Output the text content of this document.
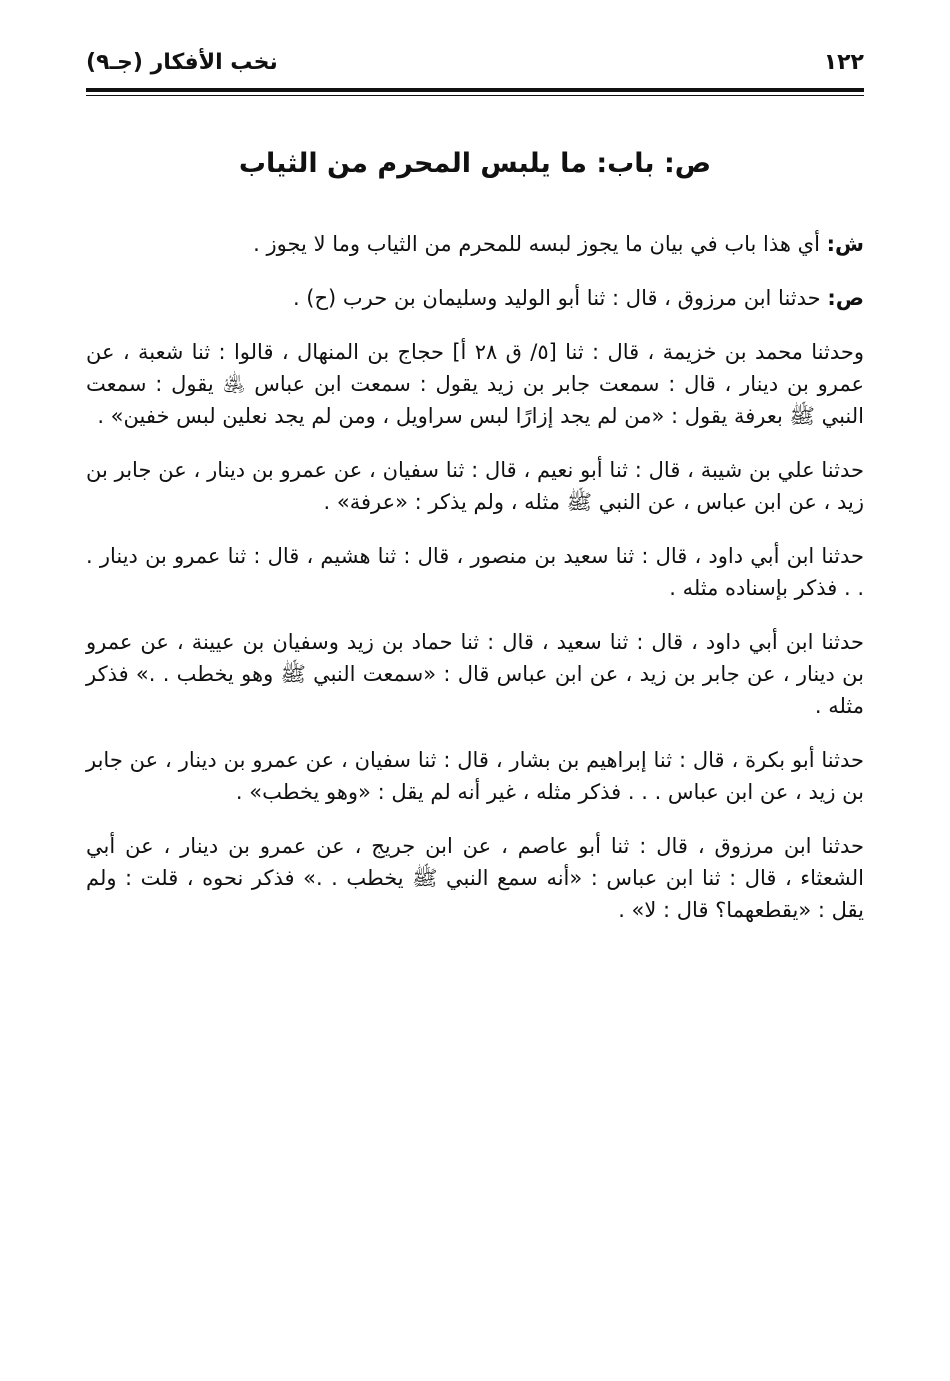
١٢٢
نخب الأفكار (جـ٩)
ص: باب: ما يلبس المحرم من الثياب

ش: أي هذا باب في بيان ما يجوز لبسه للمحرم من الثياب وما لا يجوز .

ص: حدثنا ابن مرزوق ، قال : ثنا أبو الوليد وسليمان بن حرب (ح) .

وحدثنا محمد بن خزيمة ، قال : ثنا [٥/ ق ٢٨ أ] حجاج بن المنهال ، قالوا : ثنا شعبة ، عن عمرو بن دينار ، قال : سمعت جابر بن زيد يقول : سمعت ابن عباس ﵁ يقول : سمعت النبي ﷺ بعرفة يقول : «من لم يجد إزارًا لبس سراويل ، ومن لم يجد نعلين لبس خفين» .

حدثنا علي بن شيبة ، قال : ثنا أبو نعيم ، قال : ثنا سفيان ، عن عمرو بن دينار ، عن جابر بن زيد ، عن ابن عباس ، عن النبي ﷺ مثله ، ولم يذكر : «عرفة» .

حدثنا ابن أبي داود ، قال : ثنا سعيد بن منصور ، قال : ثنا هشيم ، قال : ثنا عمرو بن دينار . . . فذكر بإسناده مثله .

حدثنا ابن أبي داود ، قال : ثنا سعيد ، قال : ثنا حماد بن زيد وسفيان بن عيينة ، عن عمرو بن دينار ، عن جابر بن زيد ، عن ابن عباس قال : «سمعت النبي ﷺ وهو يخطب . .» فذكر مثله .

حدثنا أبو بكرة ، قال : ثنا إبراهيم بن بشار ، قال : ثنا سفيان ، عن عمرو بن دينار ، عن جابر بن زيد ، عن ابن عباس . . . فذكر مثله ، غير أنه لم يقل : «وهو يخطب» .

حدثنا ابن مرزوق ، قال : ثنا أبو عاصم ، عن ابن جريج ، عن عمرو بن دينار ، عن أبي الشعثاء ، قال : ثنا ابن عباس : «أنه سمع النبي ﷺ يخطب . .» فذكر نحوه ، قلت : ولم يقل : «يقطعهما؟ قال : لا» .
